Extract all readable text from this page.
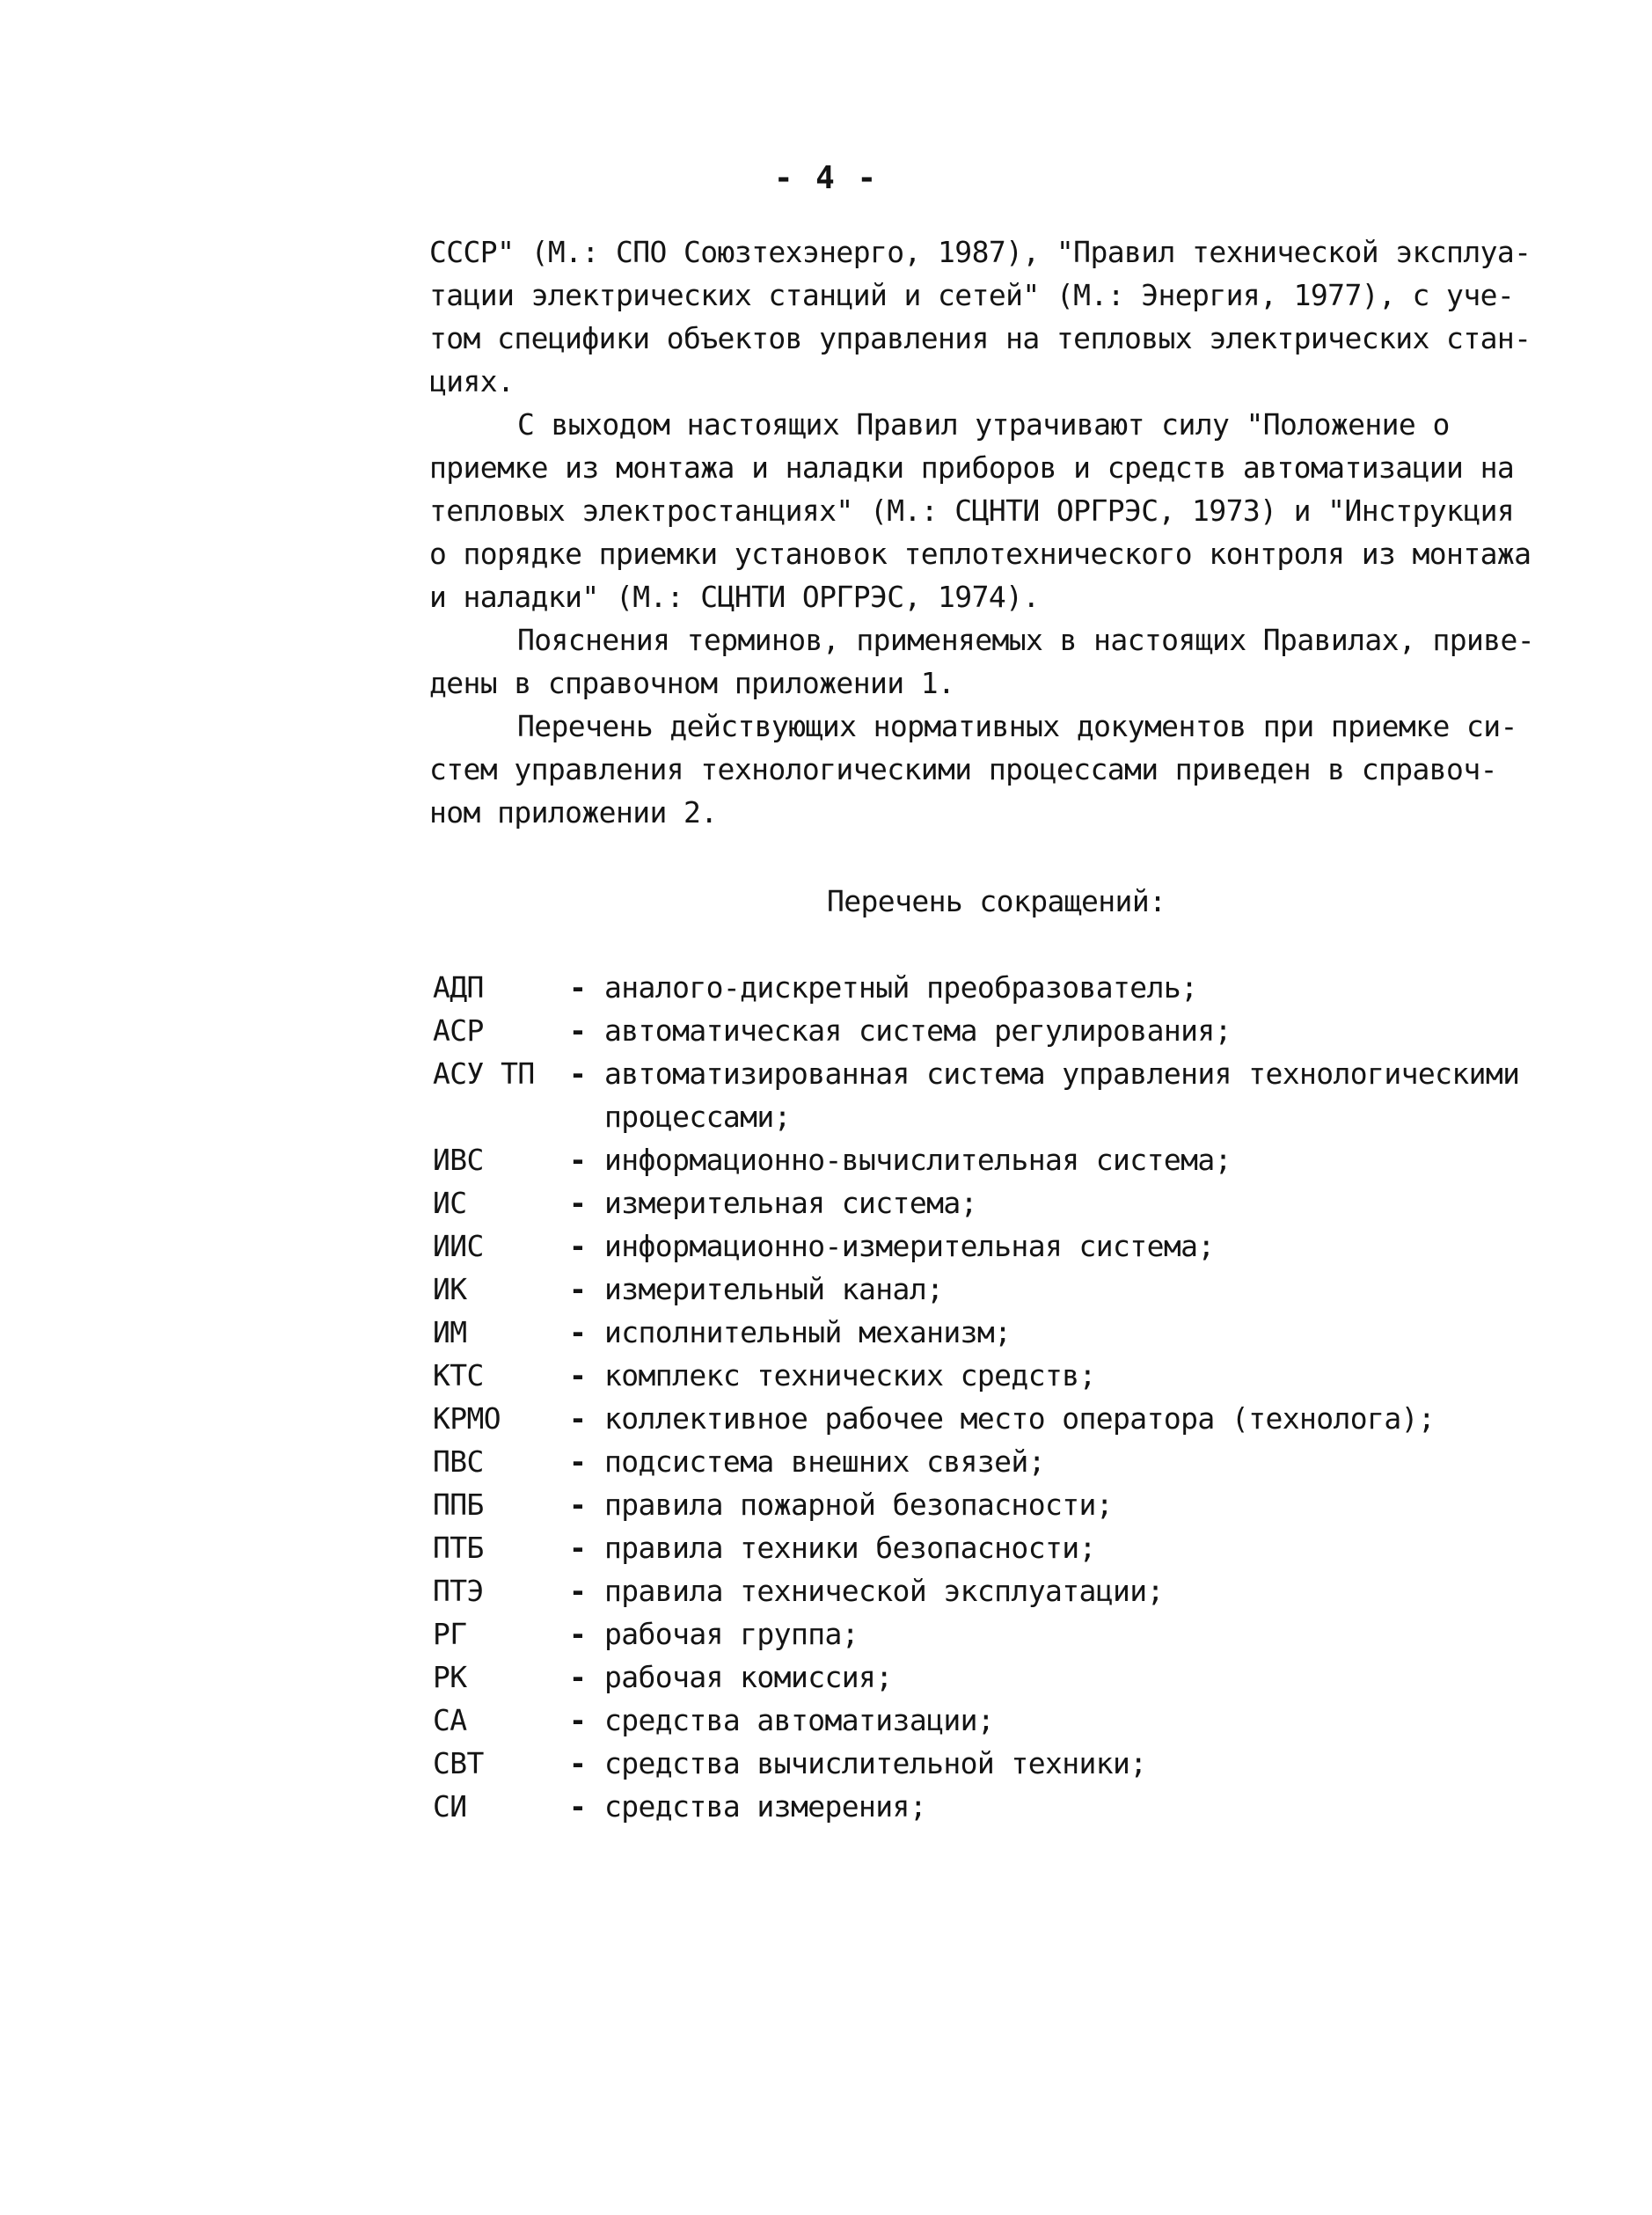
- 4 -
СССР" (М.: СПО Союзтехэнерго, 1987), "Правил технической эксплуа-
тации электрических станций и сетей" (М.: Энергия, 1977), с уче-
том специфики объектов управления на тепловых электрических стан-
циях.
С выходом настоящих Правил утрачивают силу "Положение о
приемке из монтажа и наладки приборов и средств автоматизации на
тепловых электростанциях" (М.: СЦНТИ ОРГРЭС, 1973) и "Инструкция
о порядке приемки установок теплотехнического контроля из монтажа
и наладки" (М.: СЦНТИ ОРГРЭС, 1974).
Пояснения терминов, применяемых в настоящих Правилах, приве-
дены в справочном приложении 1.
Перечень действующих нормативных документов при приемке си-
стем управления технологическими процессами приведен в справоч-
ном приложении 2.
Перечень сокращений:
АДП	- аналого-дискретный преобразователь;
АСР	- автоматическая система регулирования;
АСУ ТП	- автоматизированная система управления технологическими
процессами;
ИВС	- информационно-вычислительная система;
ИС	- измерительная система;
ИИС	- информационно-измерительная система;
ИК	- измерительный канал;
ИМ	- исполнительный механизм;
КТС	- комплекс технических средств;
КРМО	- коллективное рабочее место оператора (технолога);
ПВС	- подсистема внешних связей;
ППБ	- правила пожарной безопасности;
ПТБ	- правила техники безопасности;
ПТЭ	- правила технической эксплуатации;
РГ	- рабочая группа;
РК	- рабочая комиссия;
СА	- средства автоматизации;
СВТ	- средства вычислительной техники;
СИ	- средства измерения;
